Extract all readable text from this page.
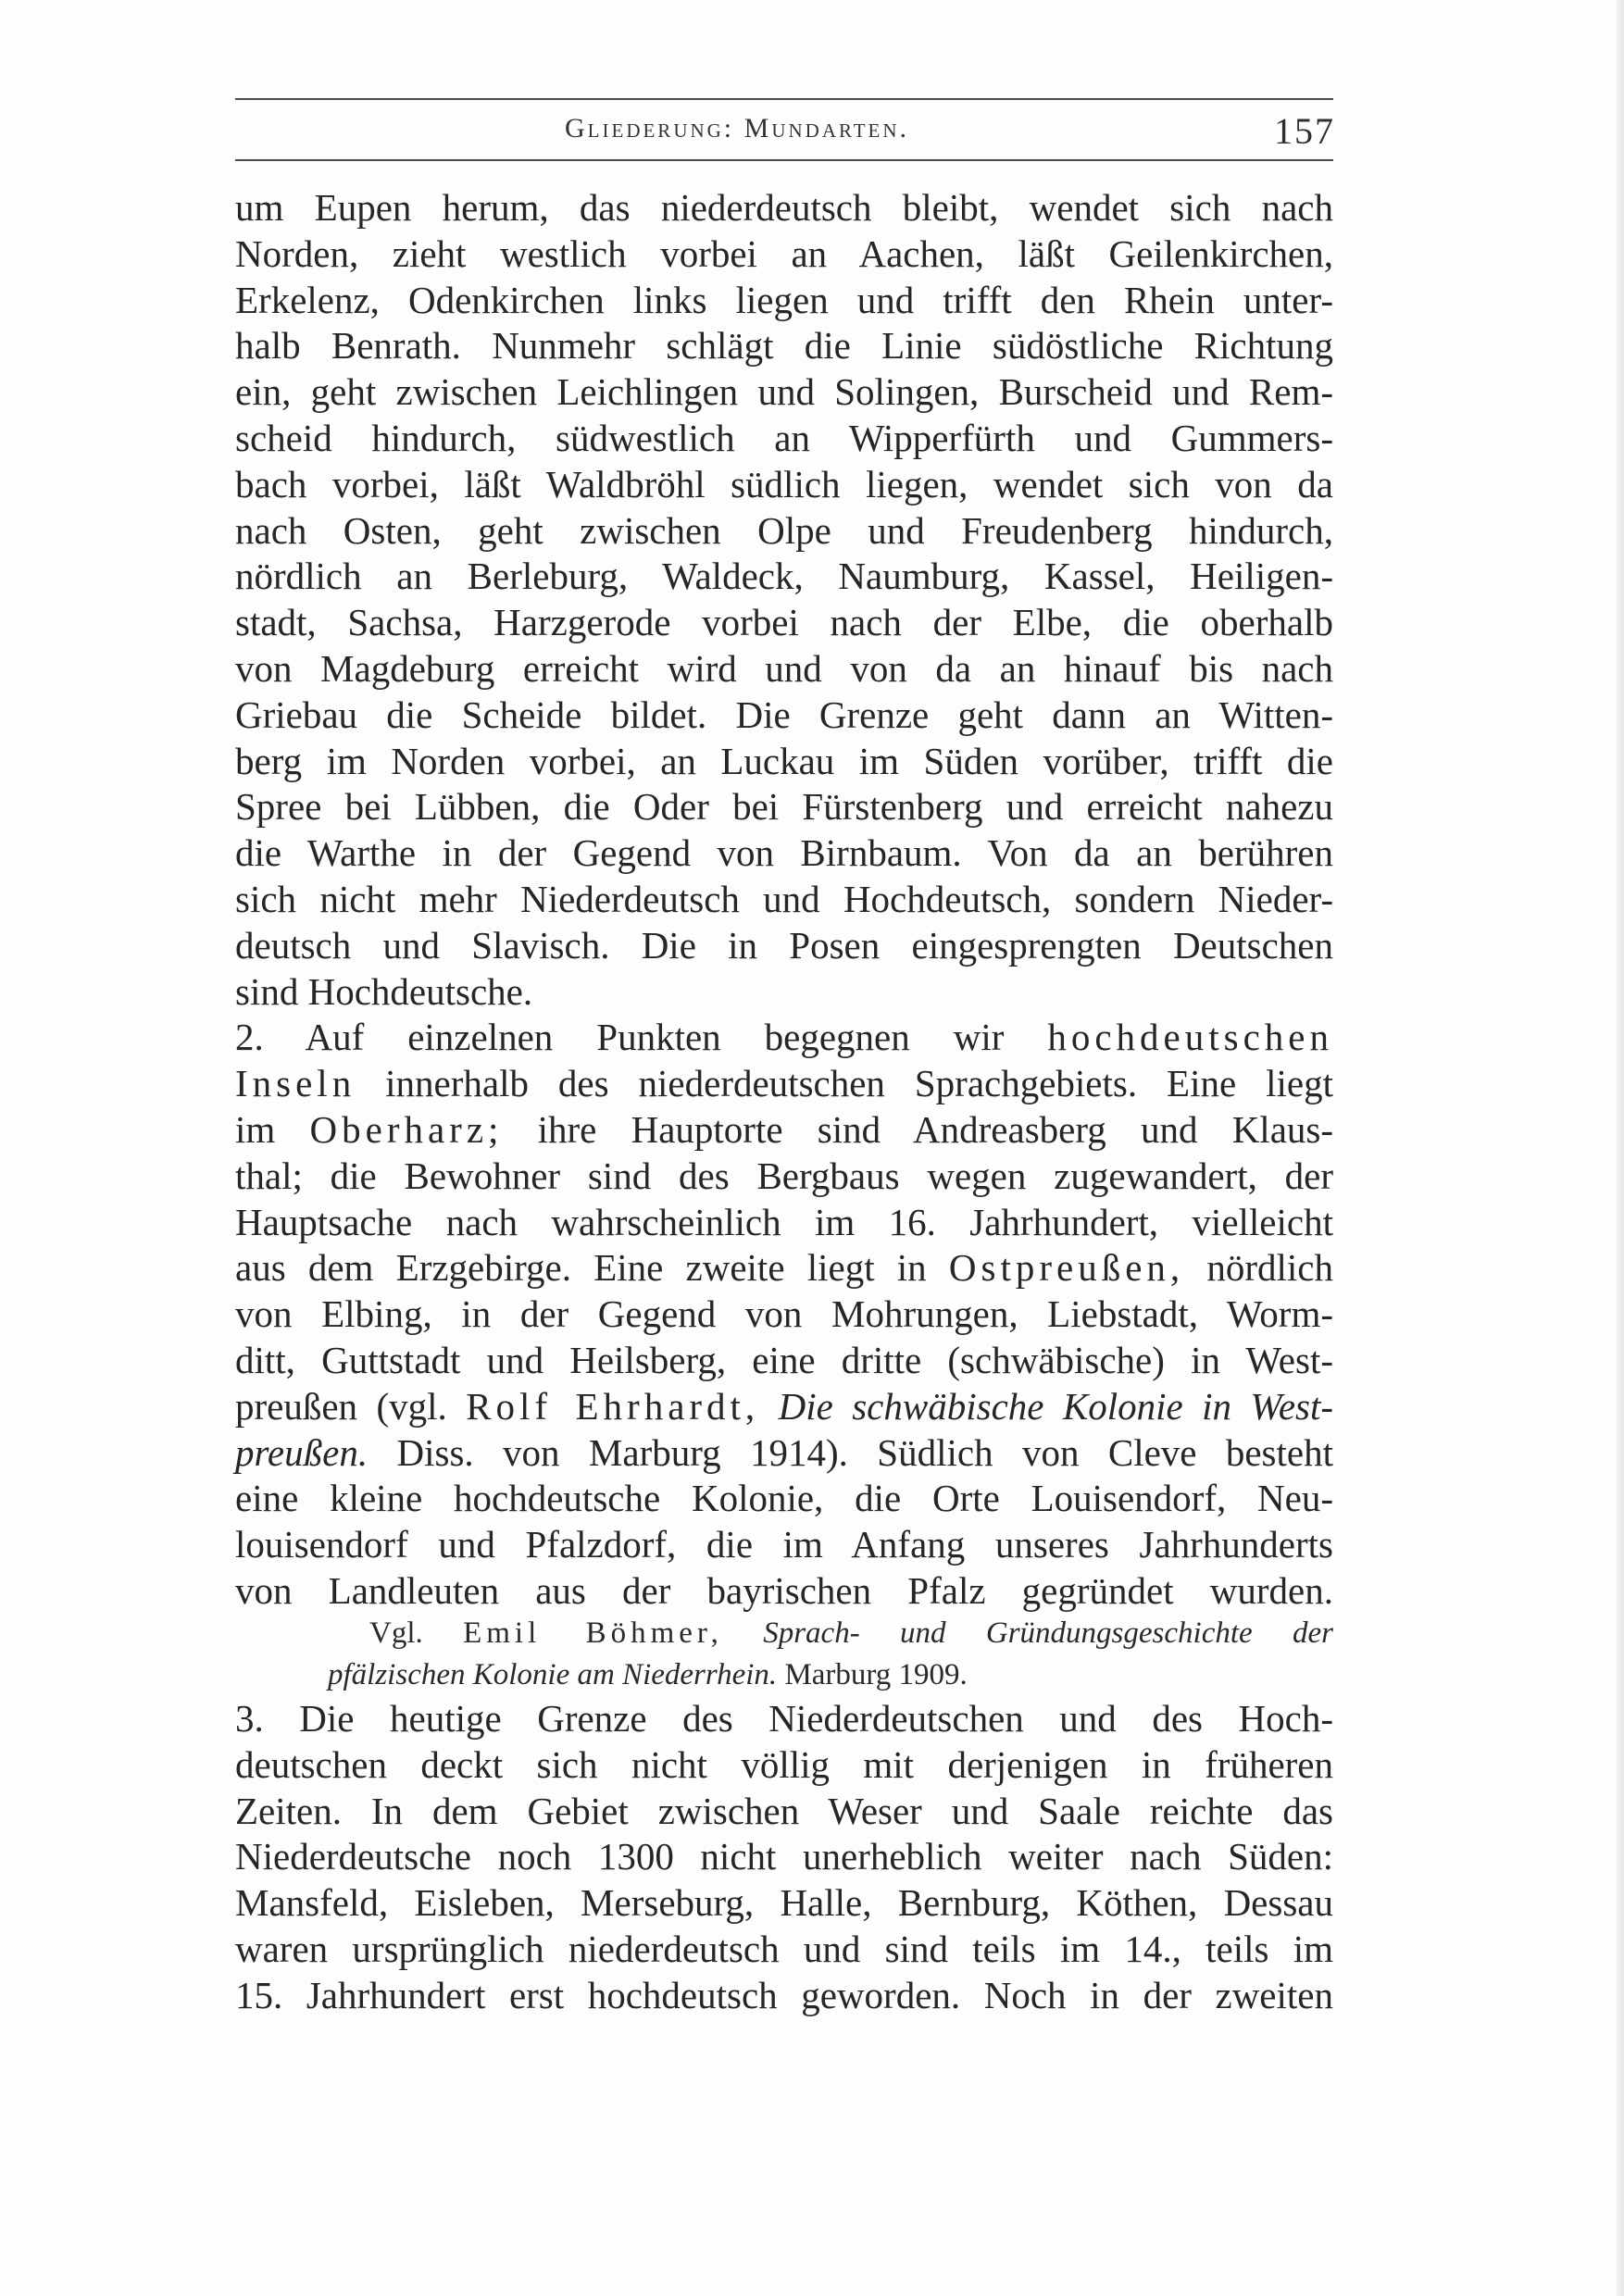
Gliederung: Mundarten.	157
um Eupen herum, das niederdeutsch bleibt, wendet sich nach
Norden, zieht westlich vorbei an Aachen, läßt Geilenkirchen,
Erkelenz, Odenkirchen links liegen und trifft den Rhein unter-
halb Benrath. Nunmehr schlägt die Linie südöstliche Richtung
ein, geht zwischen Leichlingen und Solingen, Burscheid und Rem-
scheid hindurch, südwestlich an Wipperfürth und Gummers-
bach vorbei, läßt Waldbröhl südlich liegen, wendet sich von da
nach Osten, geht zwischen Olpe und Freudenberg hindurch,
nördlich an Berleburg, Waldeck, Naumburg, Kassel, Heiligen-
stadt, Sachsa, Harzgerode vorbei nach der Elbe, die oberhalb
von Magdeburg erreicht wird und von da an hinauf bis nach
Griebau die Scheide bildet. Die Grenze geht dann an Witten-
berg im Norden vorbei, an Luckau im Süden vorüber, trifft die
Spree bei Lübben, die Oder bei Fürstenberg und erreicht nahezu
die Warthe in der Gegend von Birnbaum. Von da an berühren
sich nicht mehr Niederdeutsch und Hochdeutsch, sondern Nieder-
deutsch und Slavisch. Die in Posen eingesprengten Deutschen
sind Hochdeutsche.
2. Auf einzelnen Punkten begegnen wir hochdeutschen
Inseln innerhalb des niederdeutschen Sprachgebiets. Eine liegt
im Oberharz; ihre Hauptorte sind Andreasberg und Klaus-
thal; die Bewohner sind des Bergbaus wegen zugewandert, der
Hauptsache nach wahrscheinlich im 16. Jahrhundert, vielleicht
aus dem Erzgebirge. Eine zweite liegt in Ostpreußen, nördlich
von Elbing, in der Gegend von Mohrungen, Liebstadt, Worm-
ditt, Guttstadt und Heilsberg, eine dritte (schwäbische) in West-
preußen (vgl. Rolf Ehrhardt, Die schwäbische Kolonie in West-
preußen. Diss. von Marburg 1914). Südlich von Cleve besteht
eine kleine hochdeutsche Kolonie, die Orte Louisendorf, Neu-
louisendorf und Pfalzdorf, die im Anfang unseres Jahrhunderts
von Landleuten aus der bayrischen Pfalz gegründet wurden.
Vgl. Emil Böhmer, Sprach- und Gründungsgeschichte der
pfälzischen Kolonie am Niederrhein. Marburg 1909.
3. Die heutige Grenze des Niederdeutschen und des Hoch-
deutschen deckt sich nicht völlig mit derjenigen in früheren
Zeiten. In dem Gebiet zwischen Weser und Saale reichte das
Niederdeutsche noch 1300 nicht unerheblich weiter nach Süden:
Mansfeld, Eisleben, Merseburg, Halle, Bernburg, Köthen, Dessau
waren ursprünglich niederdeutsch und sind teils im 14., teils im
15. Jahrhundert erst hochdeutsch geworden. Noch in der zweiten
